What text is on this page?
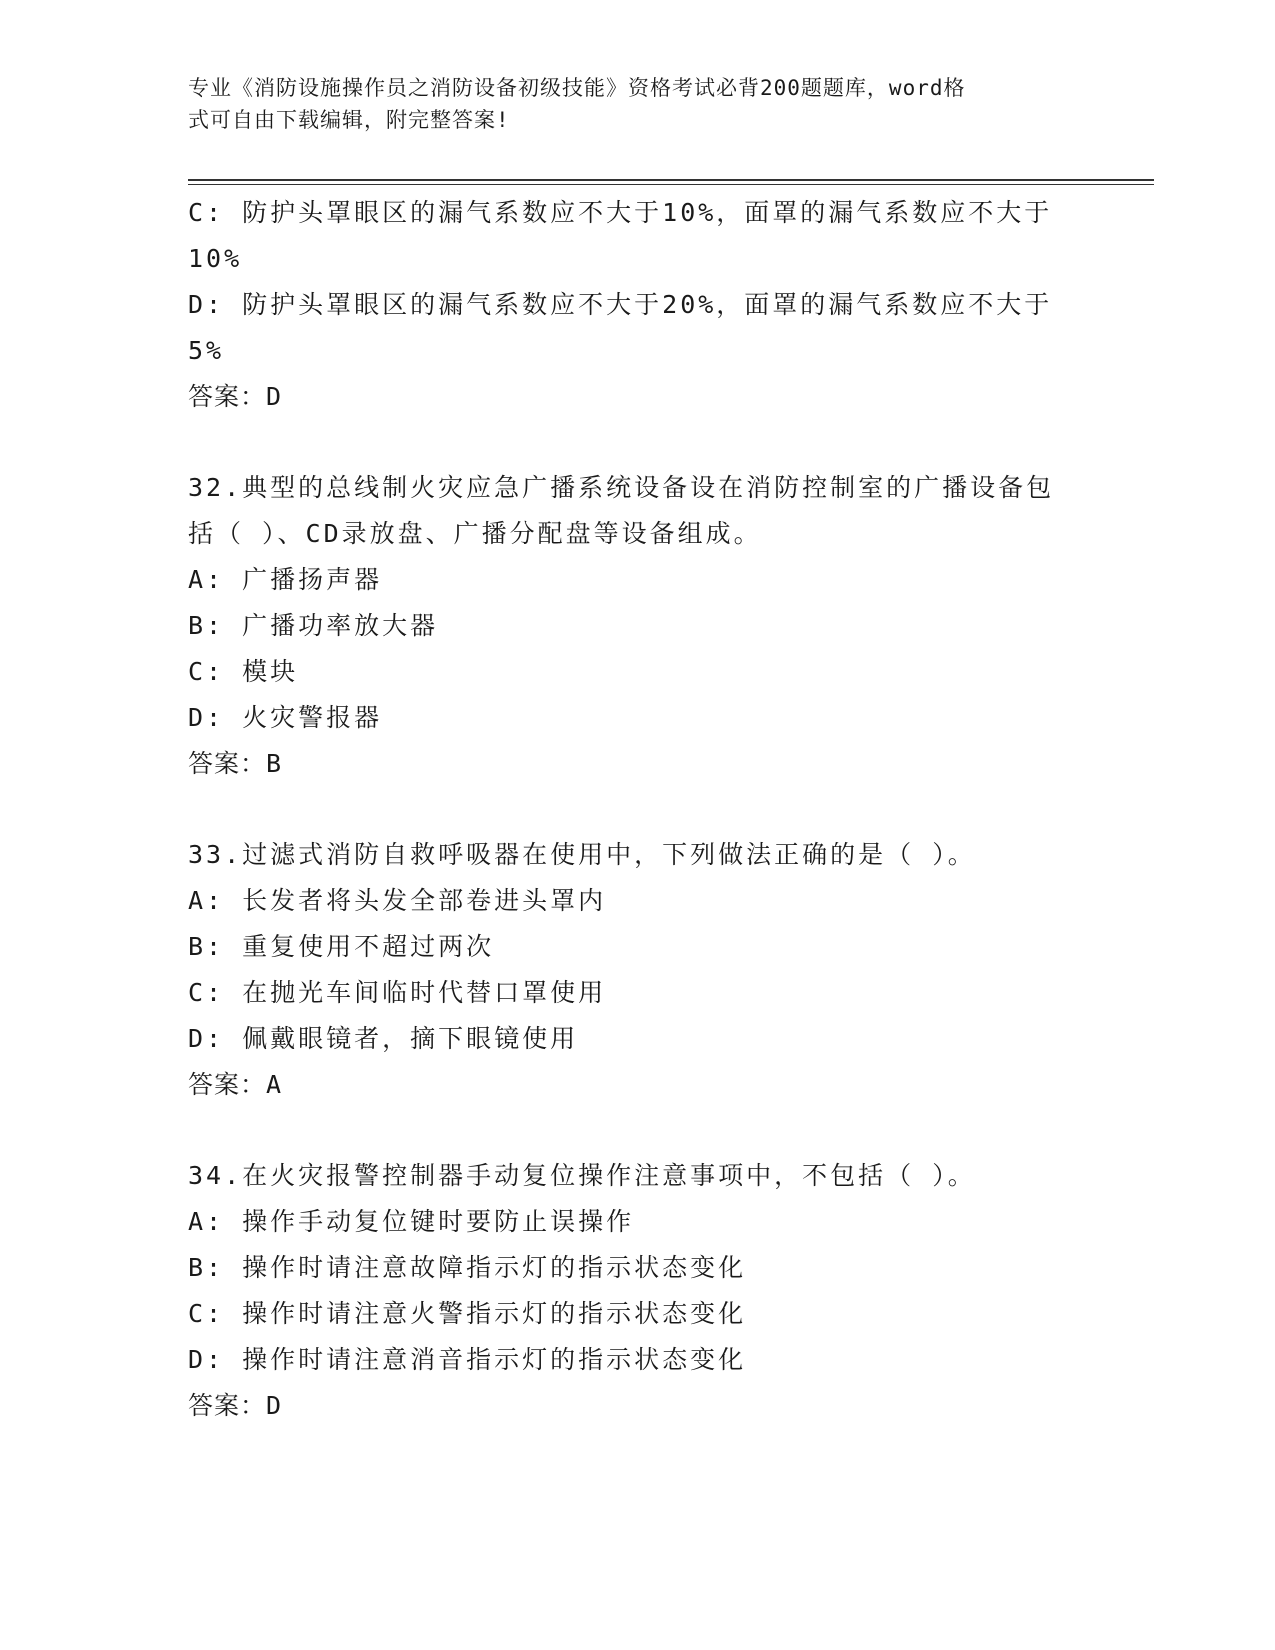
专业《消防设施操作员之消防设备初级技能》资格考试必背200题题库，word格
式可自由下载编辑，附完整答案!
C: 防护头罩眼区的漏气系数应不大于10%，面罩的漏气系数应不大于
10%
D: 防护头罩眼区的漏气系数应不大于20%，面罩的漏气系数应不大于
5%
答案：D
32.典型的总线制火灾应急广播系统设备设在消防控制室的广播设备包
括（ ）、CD录放盘、广播分配盘等设备组成。
A: 广播扬声器
B: 广播功率放大器
C: 模块
D: 火灾警报器
答案：B
33.过滤式消防自救呼吸器在使用中，下列做法正确的是（ ）。
A: 长发者将头发全部卷进头罩内
B: 重复使用不超过两次
C: 在抛光车间临时代替口罩使用
D: 佩戴眼镜者，摘下眼镜使用
答案：A
34.在火灾报警控制器手动复位操作注意事项中，不包括（ ）。
A: 操作手动复位键时要防止误操作
B: 操作时请注意故障指示灯的指示状态变化
C: 操作时请注意火警指示灯的指示状态变化
D: 操作时请注意消音指示灯的指示状态变化
答案：D
